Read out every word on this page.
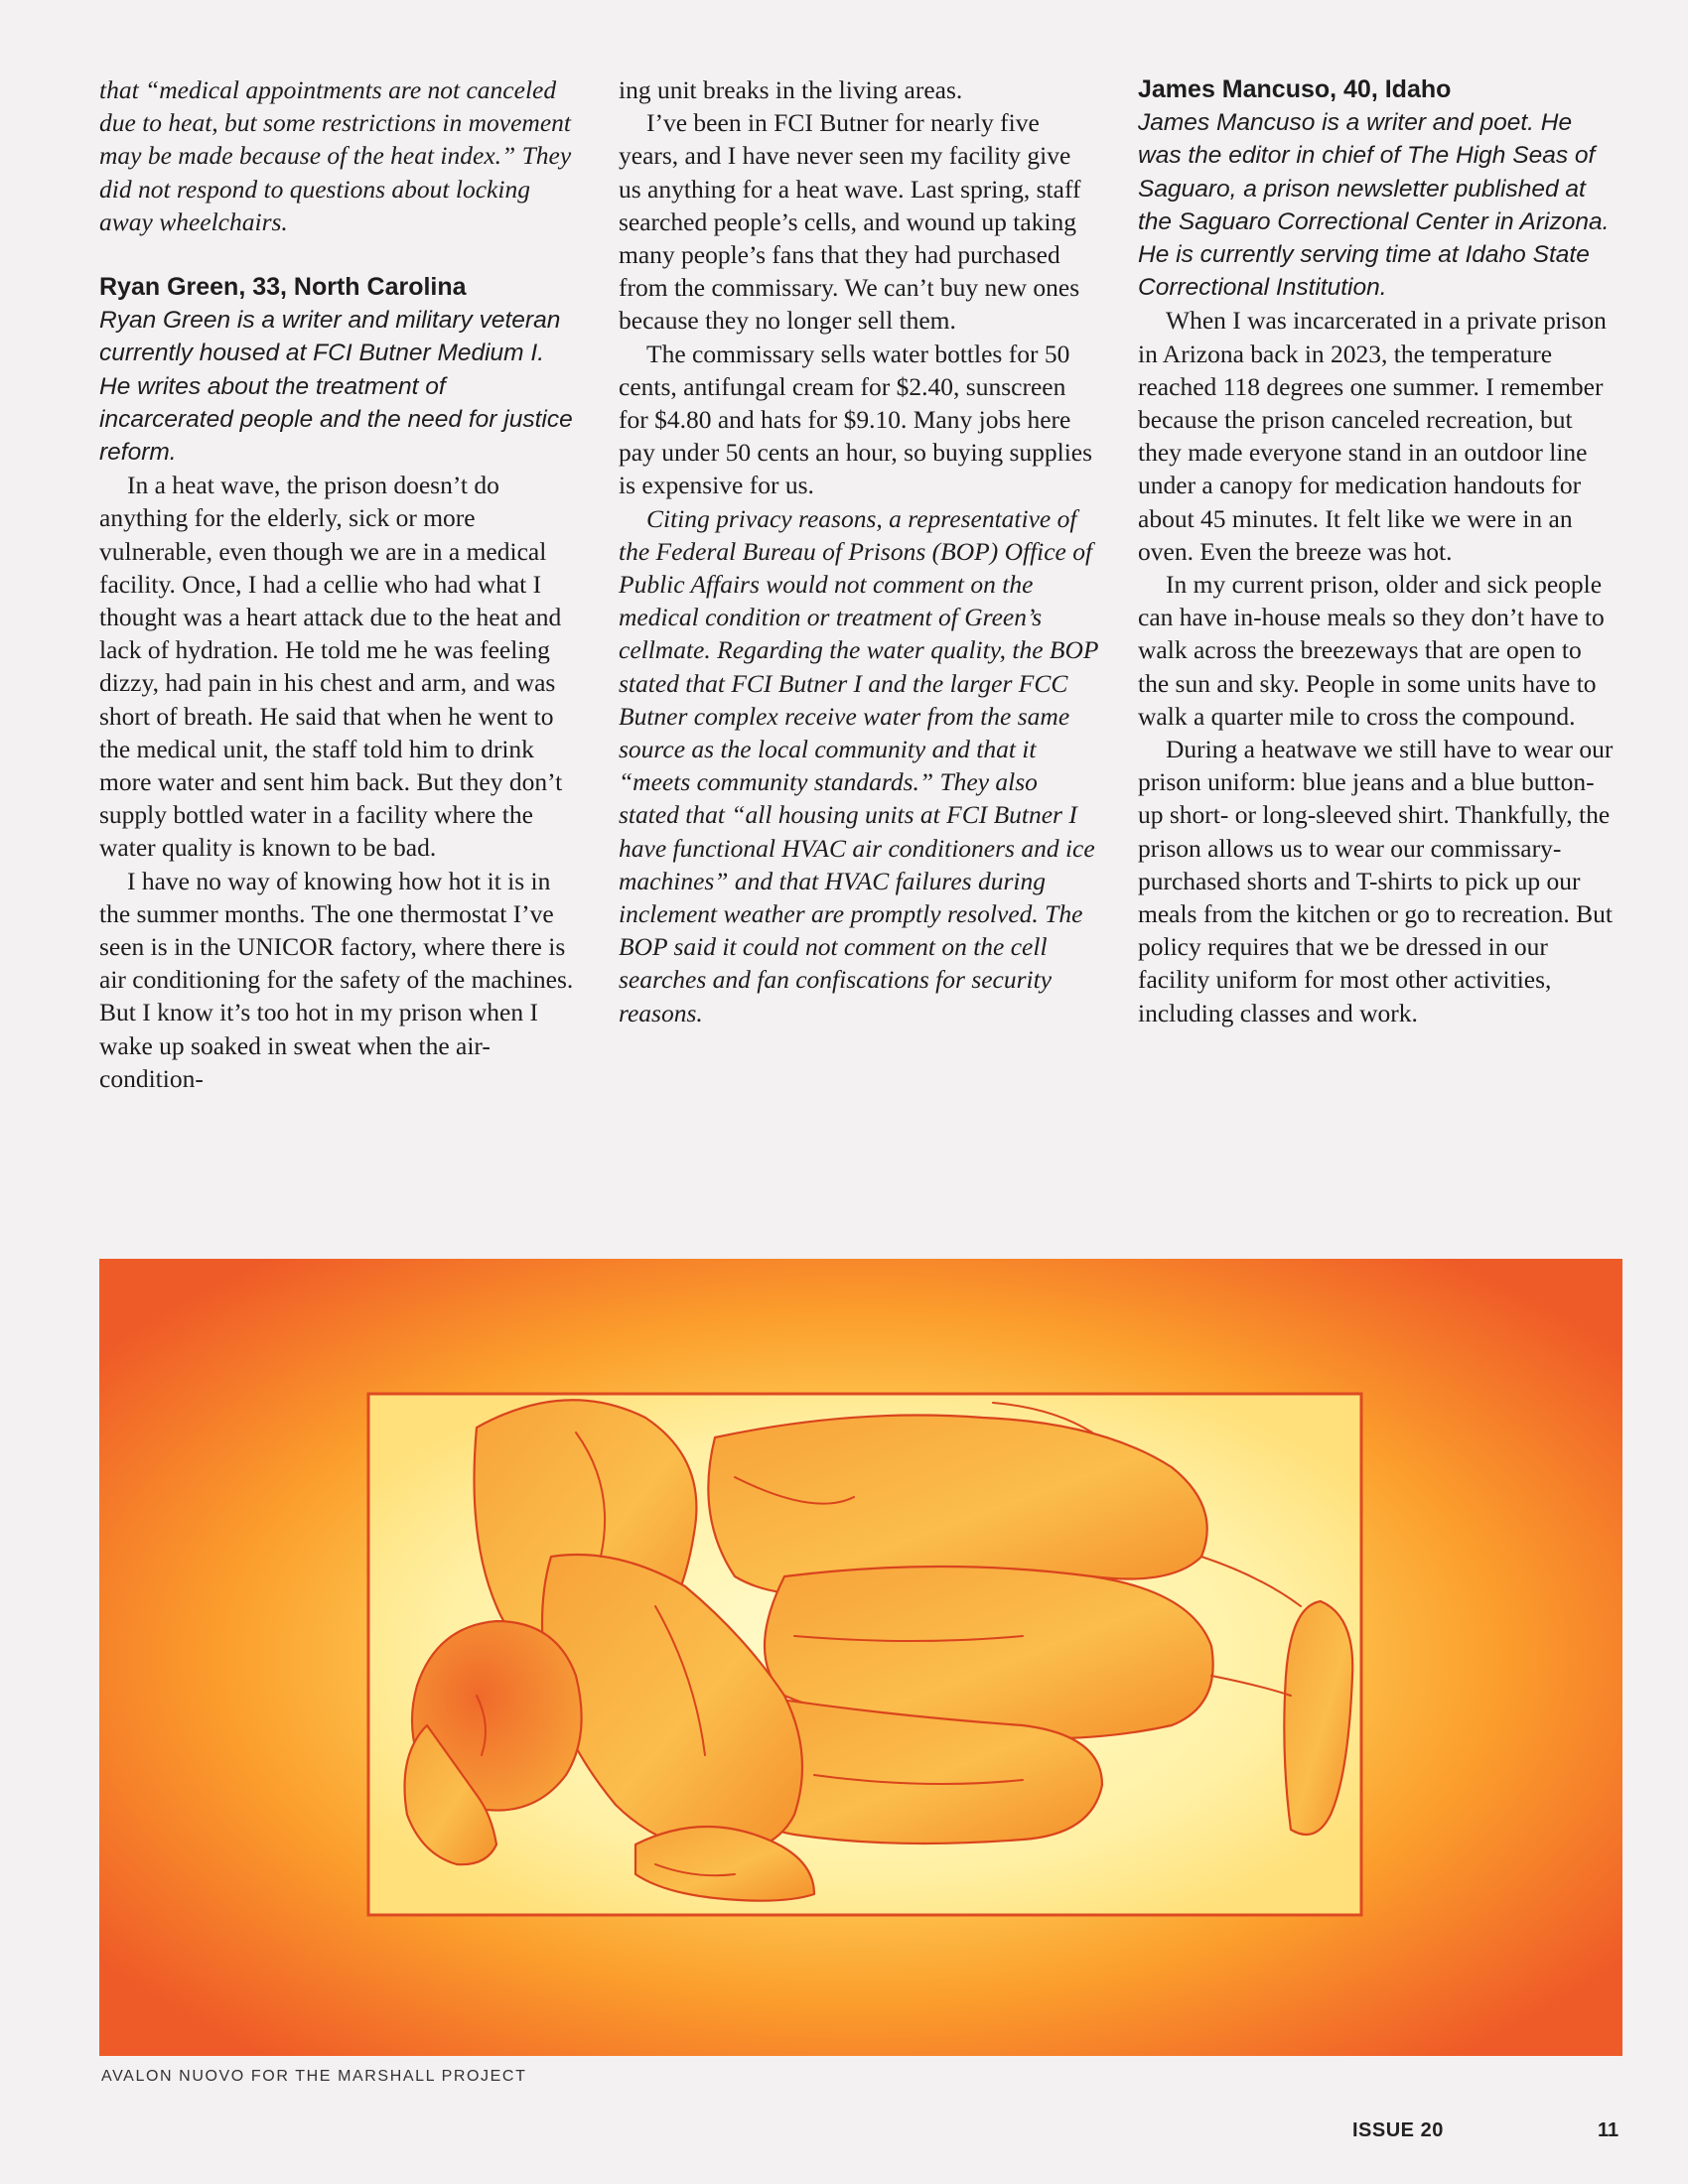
that “medical appointments are not canceled due to heat, but some restrictions in movement may be made because of the heat index.” They did not respond to questions about locking away wheelchairs.

Ryan Green, 33, North Carolina

Ryan Green is a writer and military veteran currently housed at FCI Butner Medium I. He writes about the treatment of incarcerated people and the need for justice reform.

In a heat wave, the prison doesn’t do anything for the elderly, sick or more vulnerable, even though we are in a medical facility. Once, I had a cellie who had what I thought was a heart attack due to the heat and lack of hydration. He told me he was feeling dizzy, had pain in his chest and arm, and was short of breath. He said that when he went to the medical unit, the staff told him to drink more water and sent him back. But they don’t supply bottled water in a facility where the water quality is known to be bad.

I have no way of knowing how hot it is in the summer months. The one thermostat I’ve seen is in the UNICOR factory, where there is air conditioning for the safety of the machines. But I know it’s too hot in my prison when I wake up soaked in sweat when the air-condition-

ing unit breaks in the living areas.

I’ve been in FCI Butner for nearly five years, and I have never seen my facility give us anything for a heat wave. Last spring, staff searched people’s cells, and wound up taking many people’s fans that they had purchased from the commissary. We can’t buy new ones because they no longer sell them.

The commissary sells water bottles for 50 cents, antifungal cream for $2.40, sunscreen for $4.80 and hats for $9.10. Many jobs here pay under 50 cents an hour, so buying supplies is expensive for us.

Citing privacy reasons, a representative of the Federal Bureau of Prisons (BOP) Office of Public Affairs would not comment on the medical condition or treatment of Green’s cellmate. Regarding the water quality, the BOP stated that FCI Butner I and the larger FCC Butner complex receive water from the same source as the local community and that it “meets community standards.” They also stated that “all housing units at FCI Butner I have functional HVAC air conditioners and ice machines” and that HVAC failures during inclement weather are promptly resolved. The BOP said it could not comment on the cell searches and fan confiscations for security reasons.

James Mancuso, 40, Idaho

James Mancuso is a writer and poet. He was the editor in chief of The High Seas of Saguaro, a prison newsletter published at the Saguaro Correctional Center in Arizona. He is currently serving time at Idaho State Correctional Institution.

When I was incarcerated in a private prison in Arizona back in 2023, the temperature reached 118 degrees one summer. I remember because the prison canceled recreation, but they made everyone stand in an outdoor line under a canopy for medication handouts for about 45 minutes. It felt like we were in an oven. Even the breeze was hot.

In my current prison, older and sick people can have in-house meals so they don’t have to walk across the breezeways that are open to the sun and sky. People in some units have to walk a quarter mile to cross the compound.

During a heatwave we still have to wear our prison uniform: blue jeans and a blue button-up short- or long-sleeved shirt. Thankfully, the prison allows us to wear our commissary-purchased shorts and T-shirts to pick up our meals from the kitchen or go to recreation. But policy requires that we be dressed in our facility uniform for most other activities, including classes and work.

AVALON NUOVO FOR THE MARSHALL PROJECT
ISSUE 20	11
